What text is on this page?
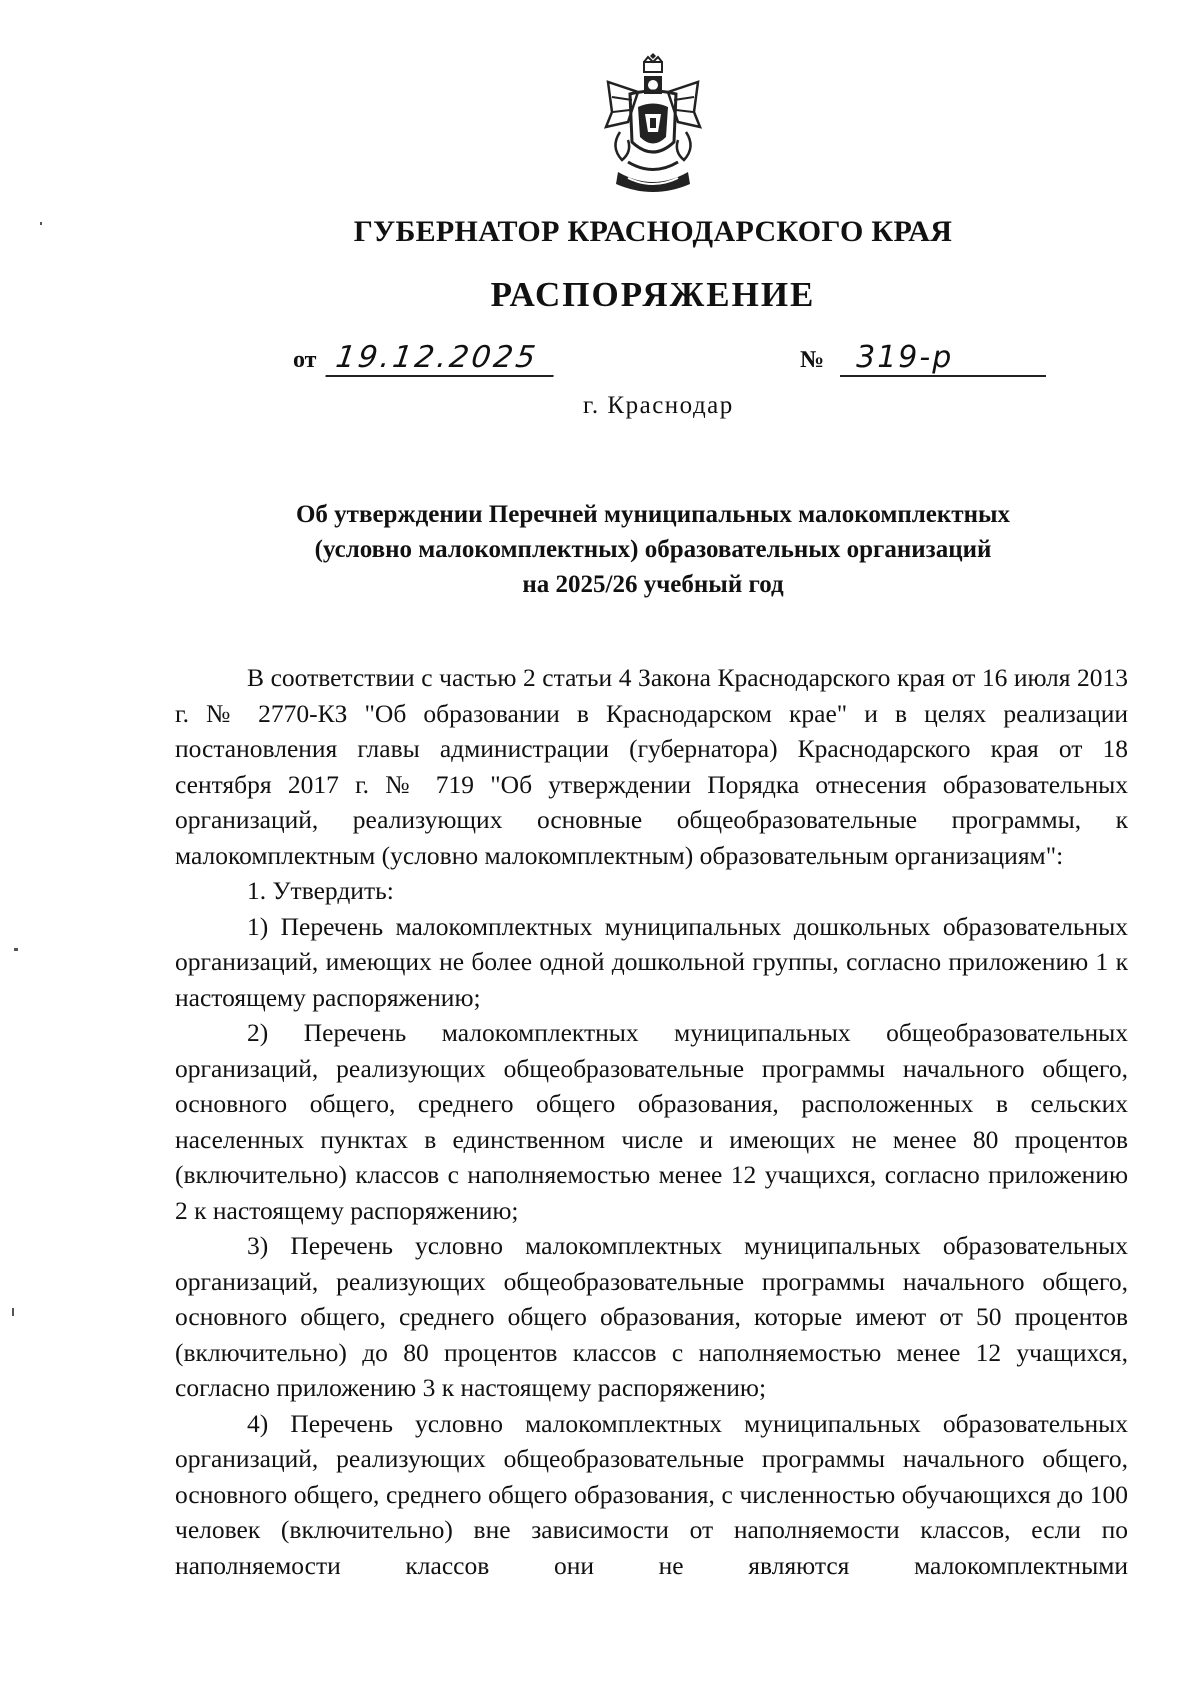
ГУБЕРНАТОР КРАСНОДАРСКОГО КРАЯ
РАСПОРЯЖЕНИЕ
от 19.12.2025	№ 319-р
г. Краснодар
Об утверждении Перечней муниципальных малокомплектных
(условно малокомплектных) образовательных организаций
на 2025/26 учебный год

В соответствии с частью 2 статьи 4 Закона Краснодарского края от 16 июля 2013 г. № 2770-КЗ "Об образовании в Краснодарском крае" и в целях реализации постановления главы администрации (губернатора) Краснодарского края от 18 сентября 2017 г. № 719 "Об утверждении Порядка отнесения образовательных организаций, реализующих основные общеобразовательные программы, к малокомплектным (условно малокомплектным) образовательным организациям":

1. Утвердить:

1) Перечень малокомплектных муниципальных дошкольных образовательных организаций, имеющих не более одной дошкольной группы, согласно приложению 1 к настоящему распоряжению;

2) Перечень малокомплектных муниципальных общеобразовательных организаций, реализующих общеобразовательные программы начального общего, основного общего, среднего общего образования, расположенных в сельских населенных пунктах в единственном числе и имеющих не менее 80 процентов (включительно) классов с наполняемостью менее 12 учащихся, согласно приложению 2 к настоящему распоряжению;

3) Перечень условно малокомплектных муниципальных образовательных организаций, реализующих общеобразовательные программы начального общего, основного общего, среднего общего образования, которые имеют от 50 процентов (включительно) до 80 процентов классов с наполняемостью менее 12 учащихся, согласно приложению 3 к настоящему распоряжению;

4) Перечень условно малокомплектных муниципальных образовательных организаций, реализующих общеобразовательные программы начального общего, основного общего, среднего общего образования, с численностью обучающихся до 100 человек (включительно) вне зависимости от наполняемости классов, если по наполняемости классов они не являются малокомплектными
